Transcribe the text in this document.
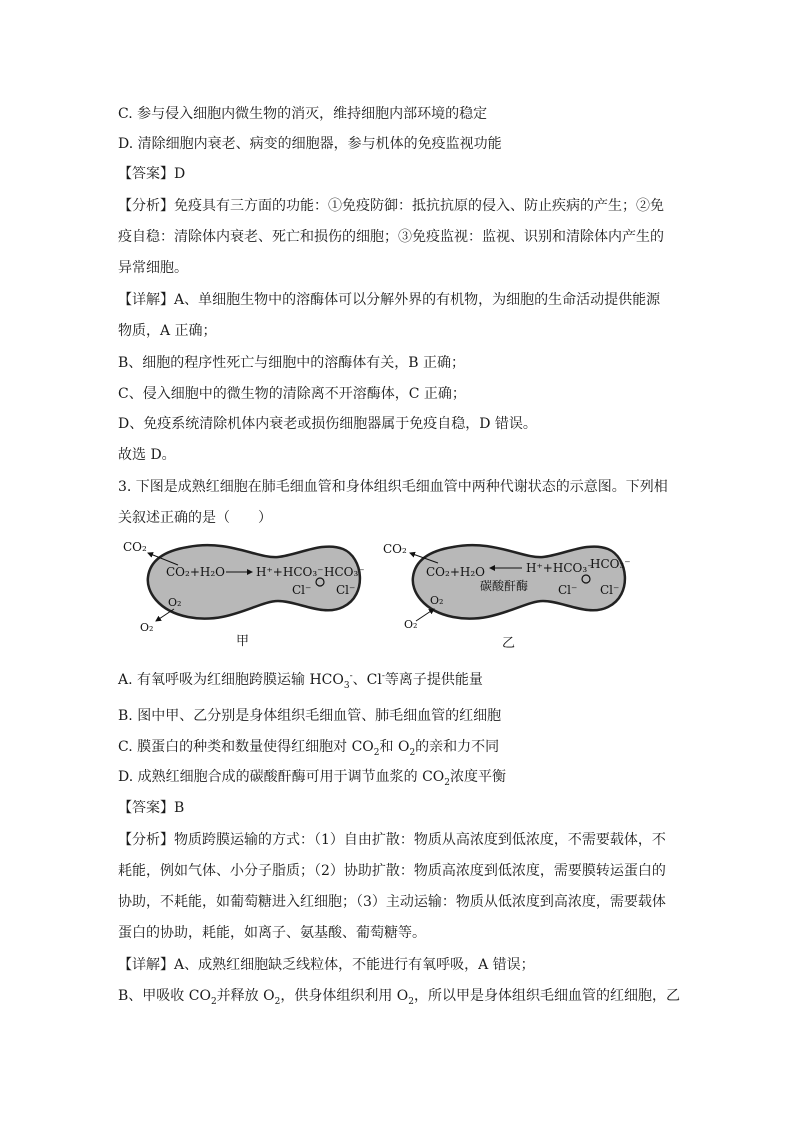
C. 参与侵入细胞内微生物的消灭，维持细胞内部环境的稳定
D. 清除细胞内衰老、病变的细胞器，参与机体的免疫监视功能
【答案】D
【分析】免疫具有三方面的功能：①免疫防御：抵抗抗原的侵入、防止疾病的产生；②免
疫自稳：清除体内衰老、死亡和损伤的细胞；③免疫监视：监视、识别和清除体内产生的
异常细胞。
【详解】A、单细胞生物中的溶酶体可以分解外界的有机物，为细胞的生命活动提供能源
物质，A 正确；
B、细胞的程序性死亡与细胞中的溶酶体有关，B 正确；
C、侵入细胞中的微生物的清除离不开溶酶体，C 正确；
D、免疫系统清除机体内衰老或损伤细胞器属于免疫自稳，D 错误。
故选 D。
3. 下图是成熟红细胞在肺毛细血管和身体组织毛细血管中两种代谢状态的示意图。下列相
关叙述正确的是（　　）
CO₂
CO₂+H₂O	H⁺+HCO₃⁻ HCO₃⁻
Cl⁻ Cl⁻
O₂
O₂
甲
CO₂
CO₂+H₂O	H⁺+HCO₃⁻
碳酸酐酶
HCO₃⁻
Cl⁻ Cl⁻
O₂
O₂
乙
A. 有氧呼吸为红细胞跨膜运输 $HCO_3^-$、Cl-等离子提供能量
B. 图中甲、乙分别是身体组织毛细血管、肺毛细血管的红细胞
C. 膜蛋白的种类和数量使得红细胞对 $CO_2$和 $O_2$的亲和力不同
D. 成熟红细胞合成的碳酸酐酶可用于调节血浆的 $CO_2$浓度平衡
【答案】B
【分析】物质跨膜运输的方式：（1）自由扩散：物质从高浓度到低浓度，不需要载体，不
耗能，例如气体、小分子脂质；（2）协助扩散：物质高浓度到低浓度，需要膜转运蛋白的
协助，不耗能，如葡萄糖进入红细胞；（3）主动运输：物质从低浓度到高浓度，需要载体
蛋白的协助，耗能，如离子、氨基酸、葡萄糖等。
【详解】A、成熟红细胞缺乏线粒体，不能进行有氧呼吸，A 错误；
B、甲吸收 $CO_2$并释放 $O_2$，供身体组织利用 $O_2$，所以甲是身体组织毛细血管的红细胞，乙
